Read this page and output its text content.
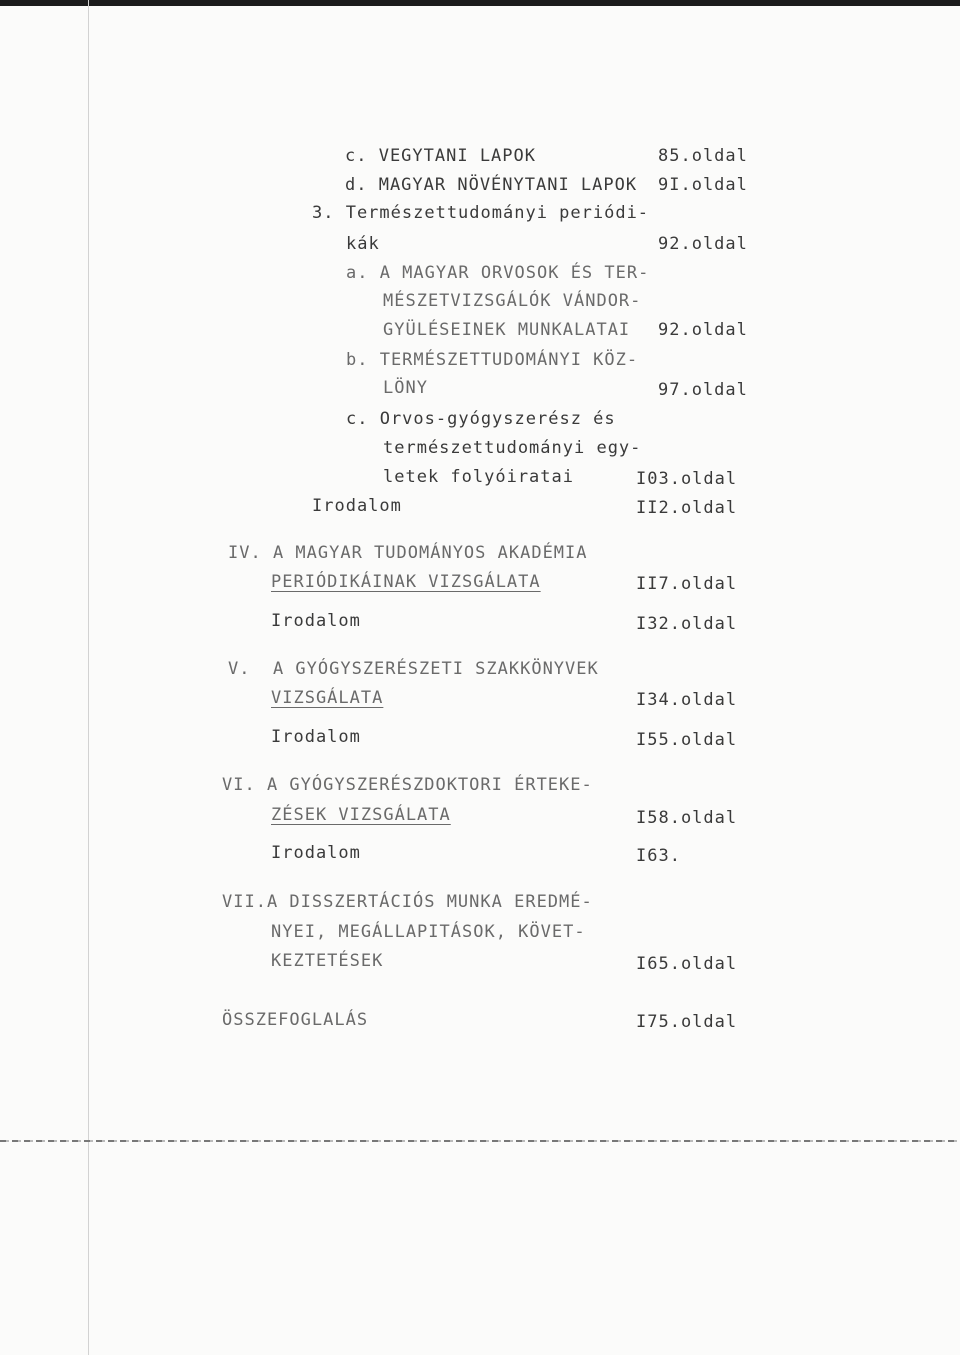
c. VEGYTANI LAPOK	85.oldal
d. MAGYAR NÖVÉNYTANI LAPOK 9I.oldal
3. Természettudományi periódi-
kák	92.oldal
a. A MAGYAR ORVOSOK ÉS TER-
MÉSZETVIZSGÁLÓK VÁNDOR-
GYÜLÉSEINEK MUNKALATAI 92.oldal
b. TERMÉSZETTUDOMÁNYI KÖZ-
LÖNY	97.oldal
c. Orvos-gyógyszerész és
természettudományi egy-
letek folyóiratai	I03.oldal
Irodalom	II2.oldal
IV. A MAGYAR TUDOMÁNYOS AKADÉMIA
PERIÓDIKÁINAK VIZSGÁLATA	II7.oldal
Irodalom	I32.oldal
V.  A GYÓGYSZERÉSZETI SZAKKÖNYVEK
VIZSGÁLATA	I34.oldal
Irodalom	I55.oldal
VI. A GYÓGYSZERÉSZDOKTORI ÉRTEKE-
ZÉSEK VIZSGÁLATA	I58.oldal
Irodalom	I63.
VII.A DISSZERTÁCIÓS MUNKA EREDMÉ-
NYEI, MEGÁLLAPITÁSOK, KÖVET-
KEZTETÉSEK	I65.oldal
ÖSSZEFOGLALÁS	I75.oldal
